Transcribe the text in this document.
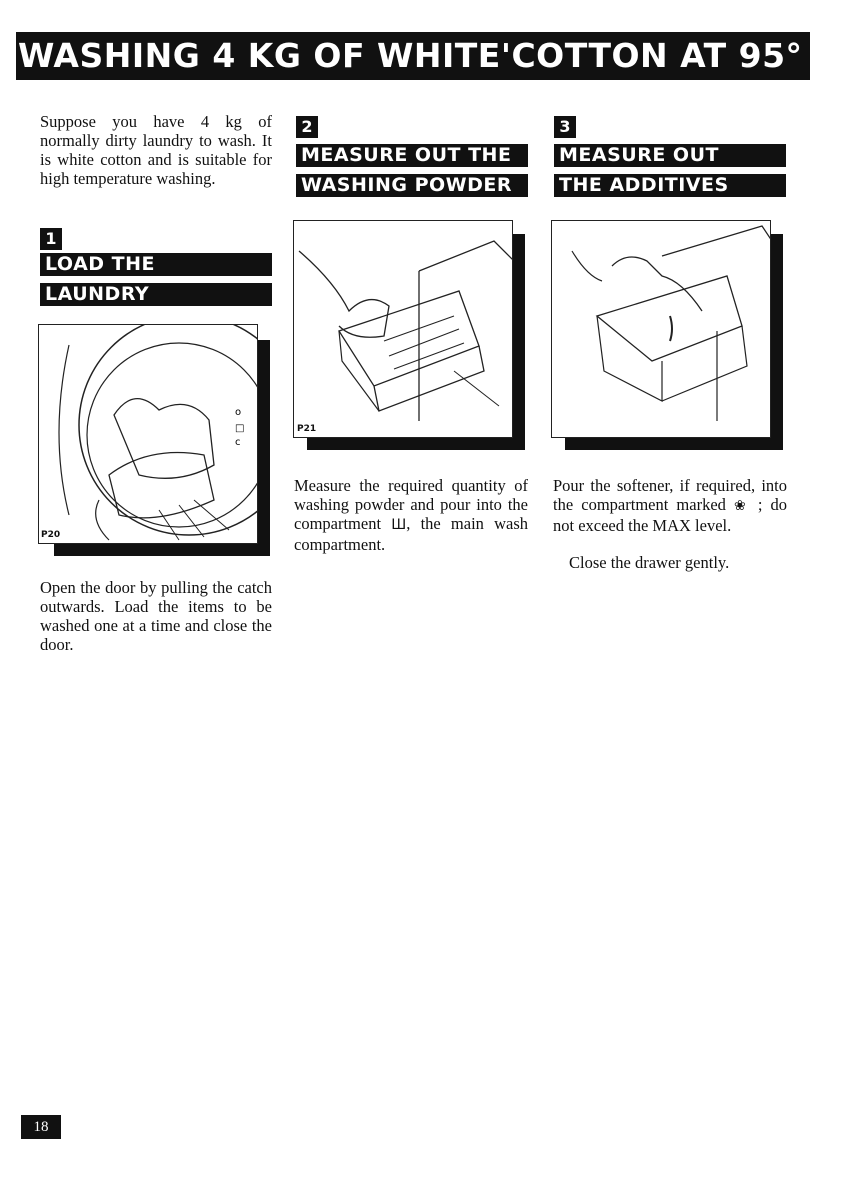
WASHING 4 KG OF WHITE'COTTON AT 95° C

Suppose you have 4 kg of normally dirty laundry to wash. It is white cotton and is suitable for high temperature washing.

1
LOAD THE
LAUNDRY
o
□
c
P20

Open the door by pulling the catch outwards. Load the items to be washed one at a time and close the door.

2
MEASURE OUT THE
WASHING POWDER
P21

Measure the required quantity of washing powder and pour into the compartment Ш, the main wash compartment.

3
MEASURE OUT
THE ADDITIVES

Pour the softener, if required, into the compartment marked ❀ ; do not exceed the MAX level.

Close the drawer gently.

18
